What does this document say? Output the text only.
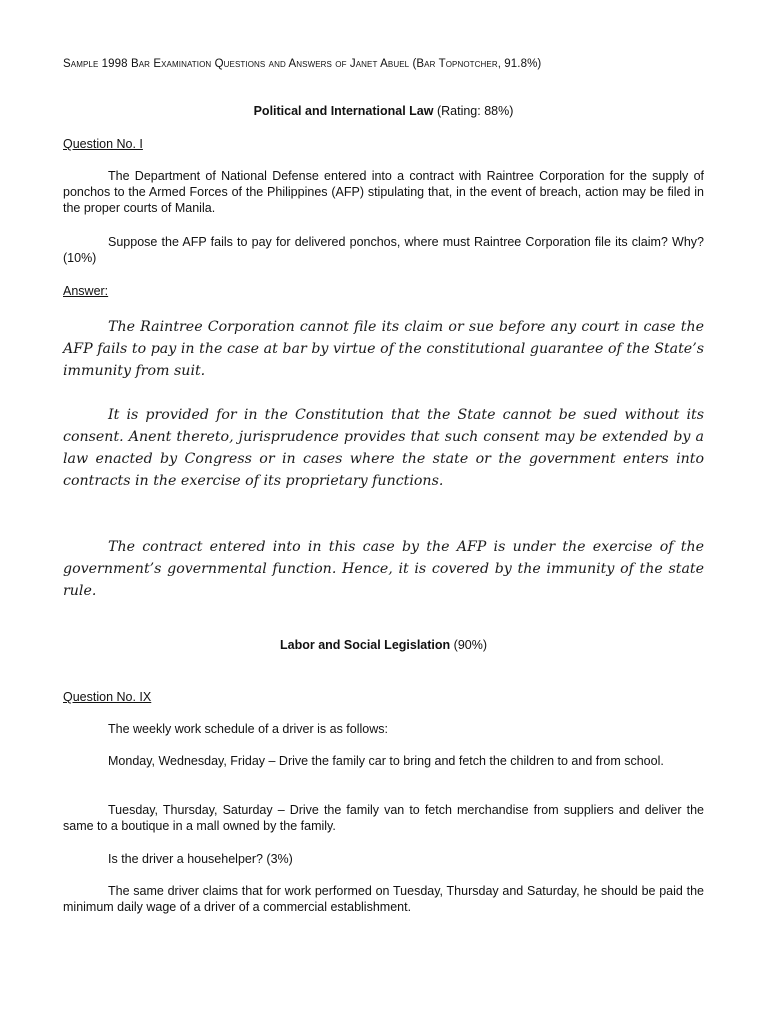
Sample 1998 Bar Examination Questions and Answers of Janet Abuel (Bar Topnotcher, 91.8%)
Political and International Law (Rating: 88%)
Question No. I

The Department of National Defense entered into a contract with Raintree Corporation for the supply of ponchos to the Armed Forces of the Philippines (AFP) stipulating that, in the event of breach, action may be filed in the proper courts of Manila.

Suppose the AFP fails to pay for delivered ponchos, where must Raintree Corporation file its claim? Why? (10%)

Answer:

The Raintree Corporation cannot file its claim or sue before any court in case the AFP fails to pay in the case at bar by virtue of the constitutional guarantee of the State’s immunity from suit.

It is provided for in the Constitution that the State cannot be sued without its consent. Anent thereto, jurisprudence provides that such consent may be extended by a law enacted by Congress or in cases where the state or the government enters into contracts in the exercise of its proprietary functions.

The contract entered into in this case by the AFP is under the exercise of the government’s governmental function. Hence, it is covered by the immunity of the state rule.

Labor and Social Legislation (90%)
Question No. IX

The weekly work schedule of a driver is as follows:

Monday, Wednesday, Friday – Drive the family car to bring and fetch the children to and from school.

Tuesday, Thursday, Saturday – Drive the family van to fetch merchandise from suppliers and deliver the same to a boutique in a mall owned by the family.

Is the driver a househelper? (3%)

The same driver claims that for work performed on Tuesday, Thursday and Saturday, he should be paid the minimum daily wage of a driver of a commercial establishment.
